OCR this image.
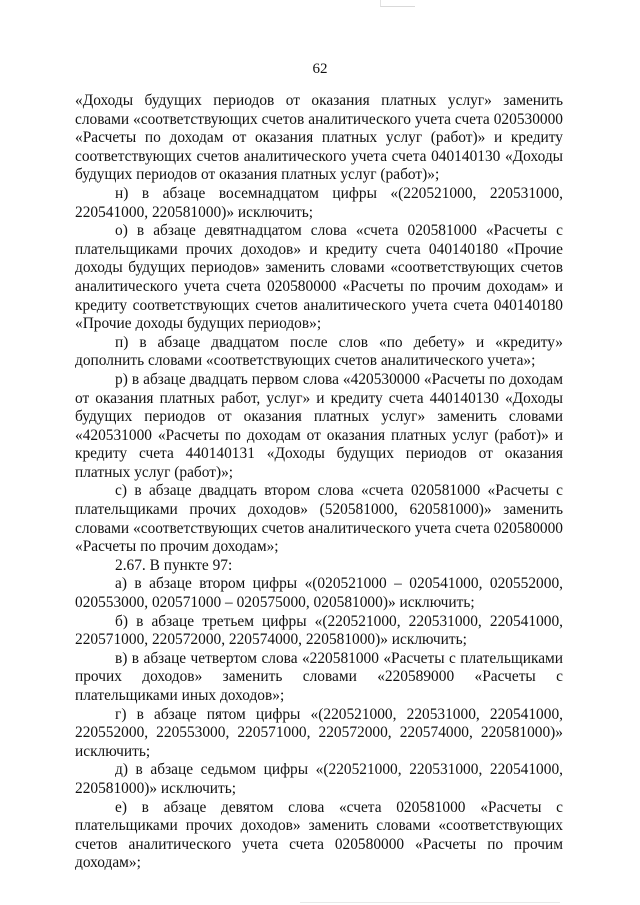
62

«Доходы будущих периодов от оказания платных услуг» заменить словами «соответствующих счетов аналитического учета счета 020530000 «Расчеты по доходам от оказания платных услуг (работ)» и кредиту соответствующих счетов аналитического учета счета 040140130 «Доходы будущих периодов от оказания платных услуг (работ)»;

н) в абзаце восемнадцатом цифры «(220521000, 220531000, 220541000, 220581000)» исключить;

о) в абзаце девятнадцатом слова «счета 020581000 «Расчеты с плательщиками прочих доходов» и кредиту счета 040140180 «Прочие доходы будущих периодов» заменить словами «соответствующих счетов аналитического учета счета 020580000 «Расчеты по прочим доходам» и кредиту соответствующих счетов аналитического учета счета 040140180 «Прочие доходы будущих периодов»;

п) в абзаце двадцатом после слов «по дебету» и «кредиту» дополнить словами «соответствующих счетов аналитического учета»;

р) в абзаце двадцать первом слова «420530000 «Расчеты по доходам от оказания платных работ, услуг» и кредиту счета 440140130 «Доходы будущих периодов от оказания платных услуг» заменить словами «420531000 «Расчеты по доходам от оказания платных услуг (работ)» и кредиту счета 440140131 «Доходы будущих периодов от оказания платных услуг (работ)»;

с) в абзаце двадцать втором слова «счета 020581000 «Расчеты с плательщиками прочих доходов» (520581000, 620581000)» заменить словами «соответствующих счетов аналитического учета счета 020580000 «Расчеты по прочим доходам»;

2.67. В пункте 97:

а) в абзаце втором цифры «(020521000 – 020541000, 020552000, 020553000, 020571000 – 020575000, 020581000)» исключить;

б) в абзаце третьем цифры «(220521000, 220531000, 220541000, 220571000, 220572000, 220574000, 220581000)» исключить;

в) в абзаце четвертом слова «220581000 «Расчеты с плательщиками прочих доходов» заменить словами «220589000 «Расчеты с плательщиками иных доходов»;

г) в абзаце пятом цифры «(220521000, 220531000, 220541000, 220552000, 220553000, 220571000, 220572000, 220574000, 220581000)» исключить;

д) в абзаце седьмом цифры «(220521000, 220531000, 220541000, 220581000)» исключить;

е) в абзаце девятом слова «счета 020581000 «Расчеты с плательщиками прочих доходов» заменить словами «соответствующих счетов аналитического учета счета 020580000 «Расчеты по прочим доходам»;
